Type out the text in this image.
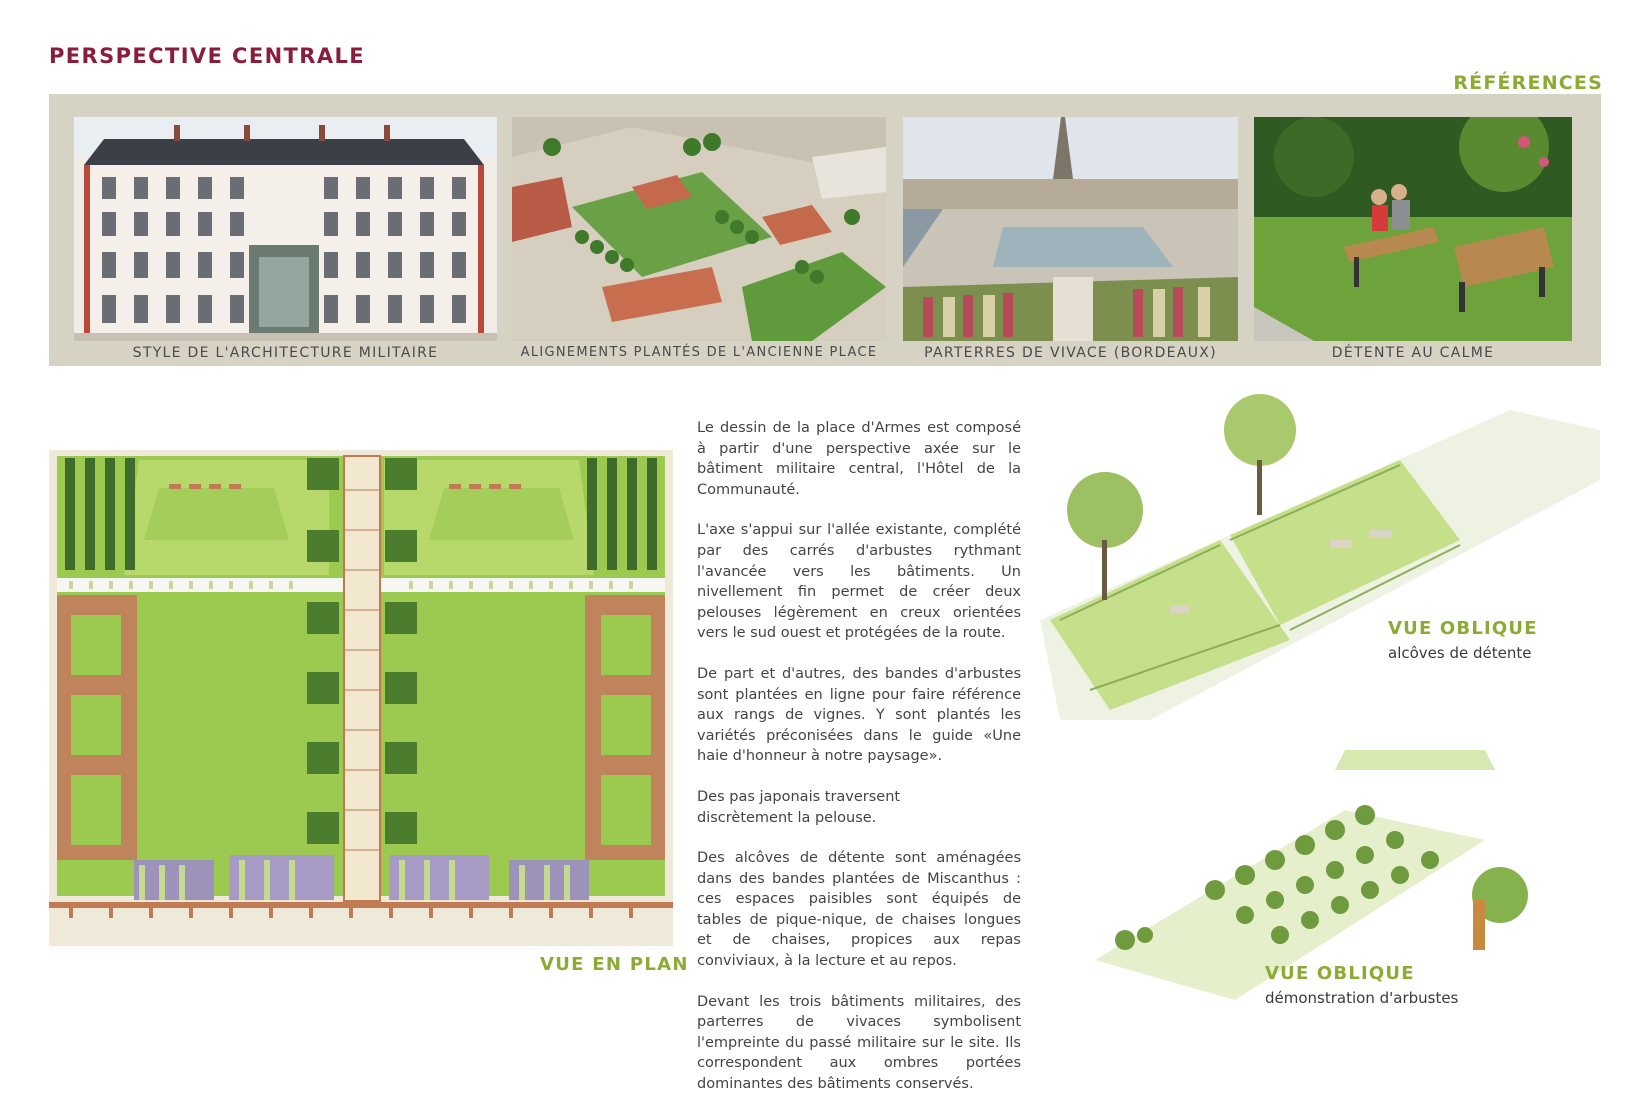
PERSPECTIVE CENTRALE
RÉFÉRENCES
STYLE DE L'ARCHITECTURE MILITAIRE	ALIGNEMENTS PLANTÉS DE L'ANCIENNE PLACE	PARTERRES DE VIVACE (BORDEAUX)	DÉTENTE AU CALME
VUE EN PLAN

Le dessin de la place d'Armes est composé à partir d'une perspective axée sur le bâtiment militaire central, l'Hôtel de la Communauté.

L'axe s'appui sur l'allée existante, complété par des carrés d'arbustes rythmant l'avancée vers les bâtiments. Un nivellement fin permet de créer deux pelouses légèrement en creux orientées vers le sud ouest et protégées de la route.

De part et d'autres, des bandes d'arbustes sont plantées en ligne pour faire référence aux rangs de vignes. Y sont plantés les variétés préconisées dans le guide «Une haie d'honneur à notre paysage».

Des pas japonais traversent discrètement la pelouse.

Des alcôves de détente sont aménagées dans des bandes plantées de Miscanthus : ces espaces paisibles sont équipés de tables de pique-nique, de chaises longues et de chaises, propices aux repas conviviaux, à la lecture et au repos.

Devant les trois bâtiments militaires, des parterres de vivaces symbolisent l'empreinte du passé militaire sur le site. Ils correspondent aux ombres portées dominantes des bâtiments conservés.

VUE OBLIQUE
alcôves de détente
VUE OBLIQUE
démonstration d'arbustes
